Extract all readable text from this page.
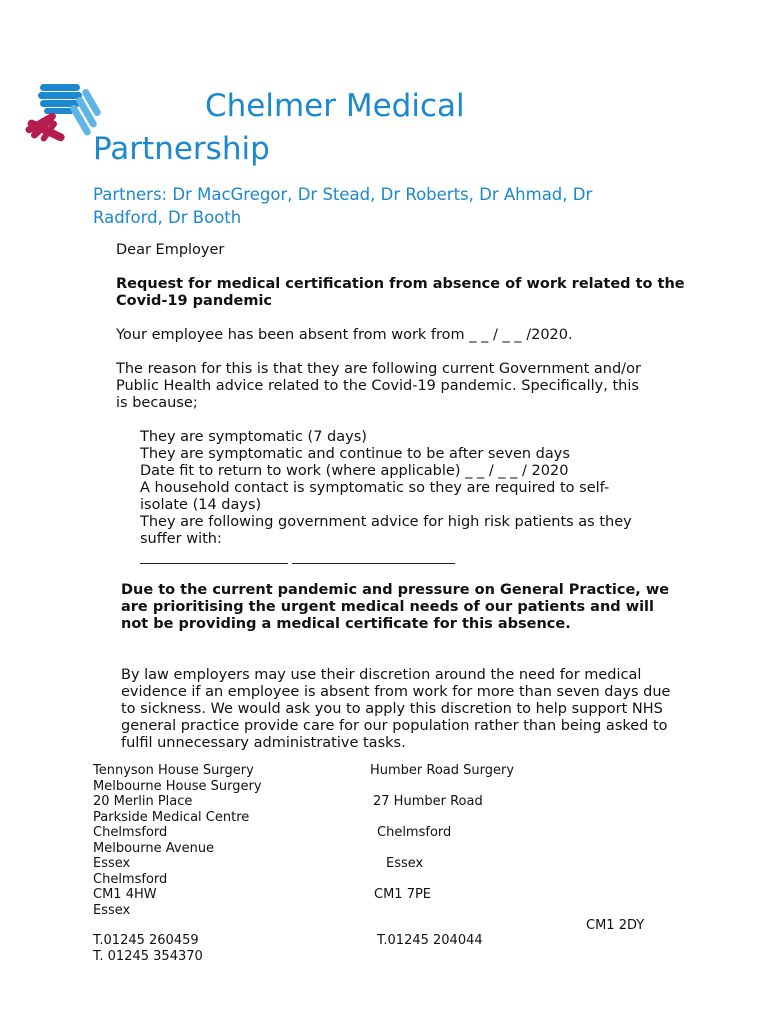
Chelmer Medical
Partnership
Partners: Dr MacGregor, Dr Stead, Dr Roberts, Dr Ahmad, Dr Radford, Dr Booth
Dear Employer
Request for medical certification from absence of work related to the Covid-19 pandemic
Your employee has been absent from work from _ _ / _ _ /2020.
The reason for this is that they are following current Government and/or Public Health advice related to the Covid-19 pandemic. Specifically, this is because;
They are symptomatic (7 days)
They are symptomatic and continue to be after seven days
Date fit to return to work (where applicable) _ _ / _ _ / 2020
A household contact is symptomatic so they are required to self-isolate (14 days)
They are following government advice for high risk patients as they suffer with:
Due to the current pandemic and pressure on General Practice, we are prioritising the urgent medical needs of our patients and will not be providing a medical certificate for this absence.
By law employers may use their discretion around the need for medical evidence if an employee is absent from work for more than seven days due to sickness. We would ask you to apply this discretion to help support NHS general practice provide care for our population rather than being asked to fulfil unnecessary administrative tasks.
Tennyson House Surgery
Melbourne House Surgery
20 Merlin Place
Parkside Medical Centre
Chelmsford
Melbourne Avenue
Essex
Chelmsford
CM1 4HW
Essex
T.01245 260459
T. 01245 354370
Humber Road Surgery
27 Humber Road
Chelmsford
Essex
CM1 7PE
T.01245 204044
CM1 2DY
